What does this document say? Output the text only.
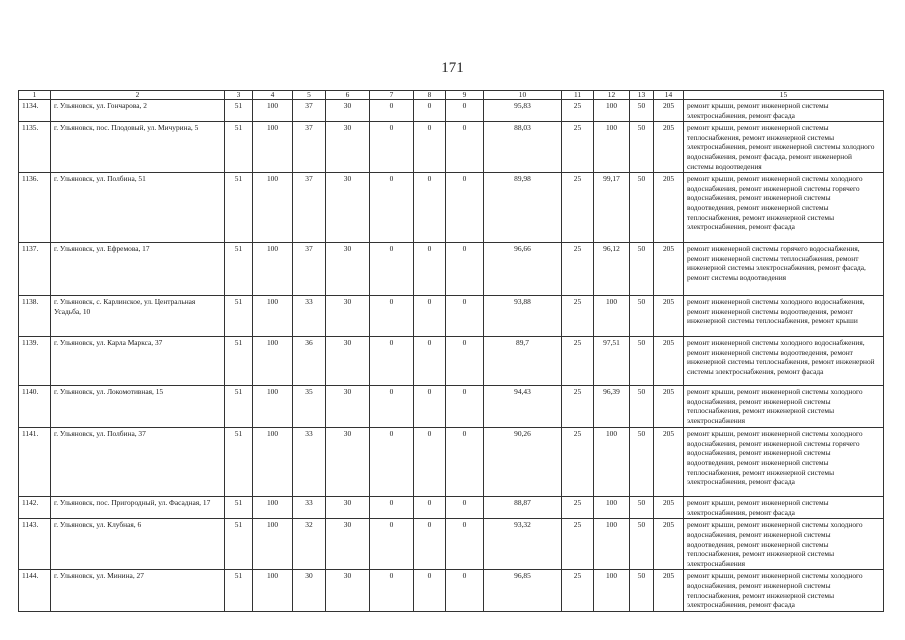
171
1	2	3	4	5	6	7	8	9	10	11	12	13	14	15
1134.	г. Ульяновск, ул. Гончарова, 2	51	100	37	30	0	0	0	95,83	25	100	50	205	ремонт крыши, ремонт инженерной системы электроснабжения, ремонт фасада
1135.	г. Ульяновск, пос. Плодовый, ул. Мичурина, 5	51	100	37	30	0	0	0	88,03	25	100	50	205	ремонт крыши, ремонт инженерной системы теплоснабжения, ремонт инженерной системы электроснабжения, ремонт инженерной системы холодного водоснабжения, ремонт фасада, ремонт инженерной системы водоотведения
1136.	г. Ульяновск, ул. Полбина, 51	51	100	37	30	0	0	0	89,98	25	99,17	50	205	ремонт крыши, ремонт инженерной системы холодного водоснабжения, ремонт инженерной системы горячего водоснабжения, ремонт инженерной системы водоотведения, ремонт инженерной системы теплоснабжения, ремонт инженерной системы электроснабжения, ремонт фасада
1137.	г. Ульяновск, ул. Ефремова, 17	51	100	37	30	0	0	0	96,66	25	96,12	50	205	ремонт инженерной системы горячего водоснабжения, ремонт инженерной системы теплоснабжения, ремонт инженерной системы электроснабжения, ремонт фасада, ремонт системы водоотведения
1138.	г. Ульяновск, с. Карлинское, ул. Центральная Усадьба, 10	51	100	33	30	0	0	0	93,88	25	100	50	205	ремонт инженерной системы холодного водоснабжения, ремонт инженерной системы водоотведения, ремонт инженерной системы теплоснабжения, ремонт крыши
1139.	г. Ульяновск, ул. Карла Маркса, 37	51	100	36	30	0	0	0	89,7	25	97,51	50	205	ремонт инженерной системы холодного водоснабжения, ремонт инженерной системы водоотведения, ремонт инженерной системы теплоснабжения, ремонт инженерной системы электроснабжения, ремонт фасада
1140.	г. Ульяновск, ул. Локомотивная, 15	51	100	35	30	0	0	0	94,43	25	96,39	50	205	ремонт крыши, ремонт инженерной системы холодного водоснабжения, ремонт инженерной системы теплоснабжения, ремонт инженерной системы электроснабжения
1141.	г. Ульяновск, ул. Полбина, 37	51	100	33	30	0	0	0	90,26	25	100	50	205	ремонт крыши, ремонт инженерной системы холодного водоснабжения, ремонт инженерной системы горячего водоснабжения, ремонт инженерной системы водоотведения, ремонт инженерной системы теплоснабжения, ремонт инженерной системы электроснабжения, ремонт фасада
1142.	г. Ульяновск, пос. Пригородный, ул. Фасадная, 17	51	100	33	30	0	0	0	88,87	25	100	50	205	ремонт крыши, ремонт инженерной системы электроснабжения, ремонт фасада
1143.	г. Ульяновск, ул. Клубная, 6	51	100	32	30	0	0	0	93,32	25	100	50	205	ремонт крыши, ремонт инженерной системы холодного водоснабжения, ремонт инженерной системы водоотведения, ремонт инженерной системы теплоснабжения, ремонт инженерной системы электроснабжения
1144.	г. Ульяновск, ул. Минина, 27	51	100	30	30	0	0	0	96,85	25	100	50	205	ремонт крыши, ремонт инженерной системы холодного водоснабжения, ремонт инженерной системы теплоснабжения, ремонт инженерной системы электроснабжения, ремонт фасада
